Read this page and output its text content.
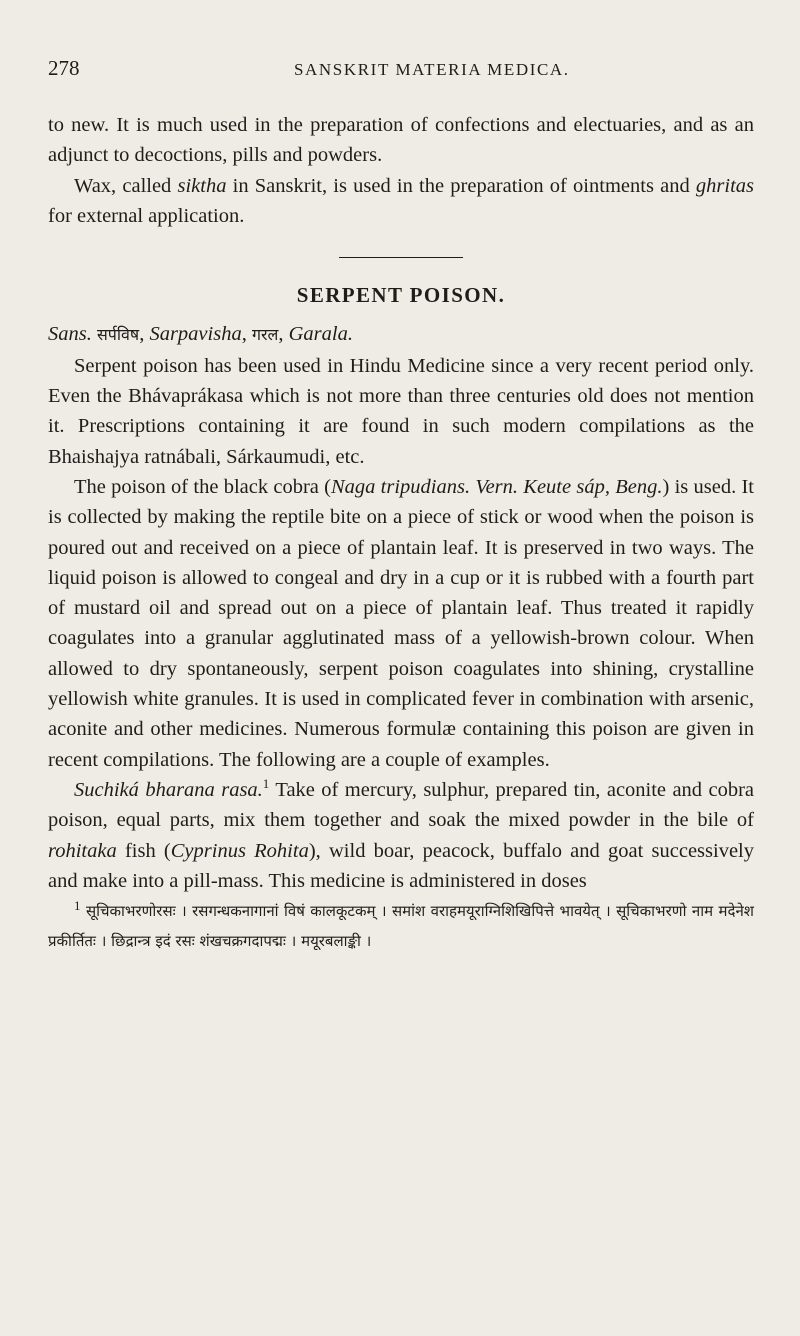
278	SANSKRIT MATERIA MEDICA.

to new. It is much used in the preparation of confections and electuaries, and as an adjunct to decoctions, pills and powders.

Wax, called siktha in Sanskrit, is used in the preparation of ointments and ghritas for external application.

SERPENT POISON.

Sans. सर्पविष, Sarpavisha, गरल, Garala.

Serpent poison has been used in Hindu Medicine since a very recent period only. Even the Bhávaprákasa which is not more than three centuries old does not mention it. Prescriptions containing it are found in such modern compilations as the Bhaishajya ratnábali, Sárkaumudi, etc.

The poison of the black cobra (Naga tripudians. Vern. Keute sáp, Beng.) is used. It is collected by making the reptile bite on a piece of stick or wood when the poison is poured out and received on a piece of plantain leaf. It is preserved in two ways. The liquid poison is allowed to congeal and dry in a cup or it is rubbed with a fourth part of mustard oil and spread out on a piece of plantain leaf. Thus treated it rapidly coagulates into a granular agglutinated mass of a yellowish-brown colour. When allowed to dry spontaneously, serpent poison coagulates into shining, crystalline yellowish white granules. It is used in complicated fever in combination with arsenic, aconite and other medicines. Numerous formulæ containing this poison are given in recent compilations. The following are a couple of examples.

Suchiká bharana rasa.$^1$ Take of mercury, sulphur, prepared tin, aconite and cobra poison, equal parts, mix them together and soak the mixed powder in the bile of rohitaka fish (Cyprinus Rohita), wild boar, peacock, buffalo and goat successively and make into a pill-mass. This medicine is administered in doses

$^1$ सूचिकाभरणोरसः । रसगन्धकनागानां विषं कालकूटकम् । समांश वराहमयूराग्निशिखिपित्ते भावयेत् । सूचिकाभरणो नाम मदेनेश प्रकीर्तितः । छिद्रान्त्र इदं रसः शंखचक्रगदापद्मः । मयूरबलाङ्की ।
